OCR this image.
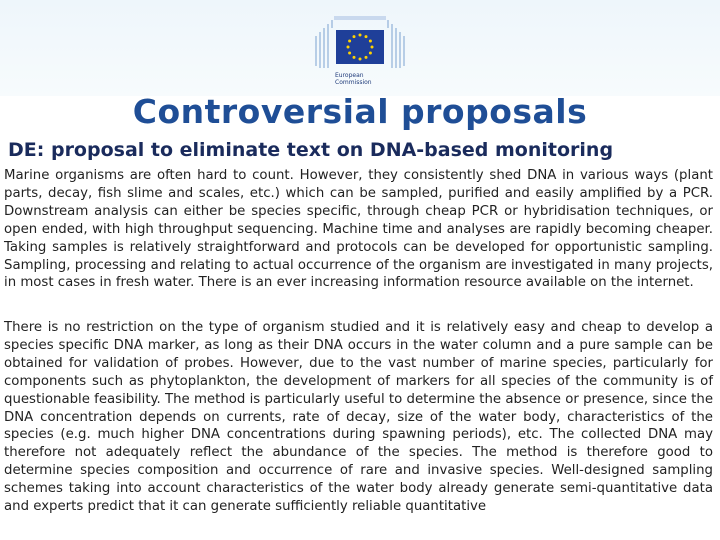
European
Commission
Controversial proposals
DE: proposal to eliminate text on DNA-based monitoring
Marine organisms are often hard to count. However, they consistently shed DNA in various ways (plant parts, decay, fish slime and scales, etc.) which can be sampled, purified and easily amplified by a PCR. Downstream analysis can either be species specific, through cheap PCR or hybridisation techniques, or open ended, with high throughput sequencing. Machine time and analyses are rapidly becoming cheaper. Taking samples is relatively straightforward and protocols can be developed for opportunistic sampling. Sampling, processing and relating to actual occurrence of the organism are investigated in many projects, in most cases in fresh water. There is an ever increasing information resource available on the internet.
There is no restriction on the type of organism studied and it is relatively easy and cheap to develop a species specific DNA marker, as long as their DNA occurs in the water column and a pure sample can be obtained for validation of probes. However, due to the vast number of marine species, particularly for components such as phytoplankton, the development of markers for all species of the community is of questionable feasibility. The method is particularly useful to determine the absence or presence, since the DNA concentration depends on currents, rate of decay, size of the water body, characteristics of the species (e.g. much higher DNA concentrations during spawning periods), etc. The collected DNA may therefore not adequately reflect the abundance of the species. The method is therefore good to determine species composition and occurrence of rare and invasive species. Well-designed sampling schemes taking into account characteristics of the water body already generate semi-quantitative data and experts predict that it can generate sufficiently reliable quantitative
